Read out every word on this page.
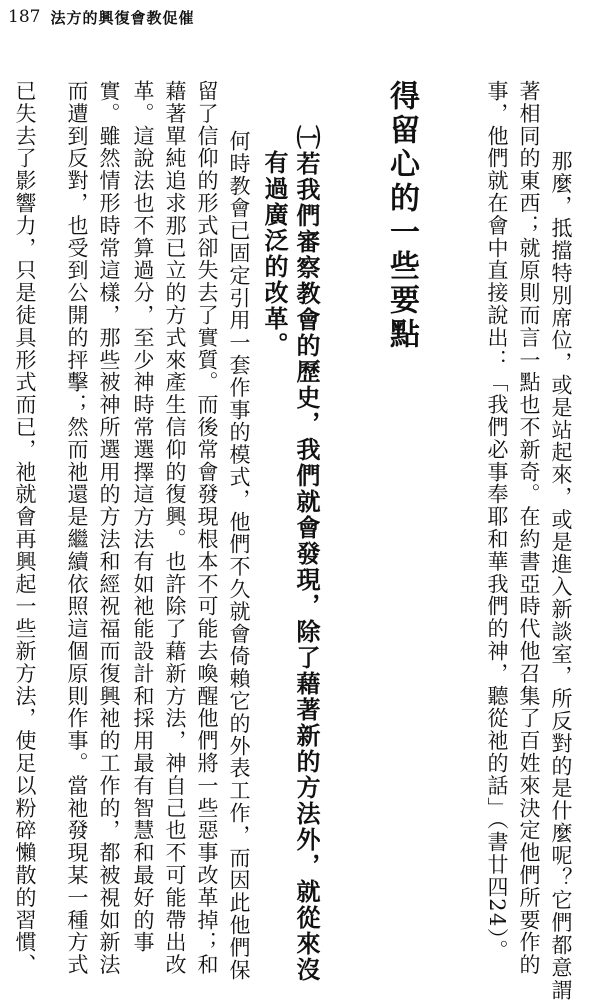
187 法方的興復會教促催
那麼，抵擋特別席位，或是站起來，或是進入新談室，所反對的是什麼呢？它們都意謂
著相同的東西；就原則而言一點也不新奇。在約書亞時代他召集了百姓來決定他們所要作的
事，他們就在會中直接說出：「我們必事奉耶和華我們的神，聽從祂的話」（書廿四24）。
得留心的一些要點
㈠若我們審察教會的歷史，我們就會發現，除了藉著新的方法外，就從來沒
有過廣泛的改革。
何時教會已固定引用一套作事的模式，他們不久就會倚賴它的外表工作，而因此他們保
留了信仰的形式卻失去了實質。而後常會發現根本不可能去喚醒他們將一些惡事改革掉；和
藉著單純追求那已立的方式來產生信仰的復興。也許除了藉新方法，神自己也不可能帶出改
革。這說法也不算過分，至少神時常選擇這方法有如祂能設計和採用最有智慧和最好的事
實。雖然情形時常這樣，那些被神所選用的方法和經祝福而復興祂的工作的，都被視如新法
而遭到反對，也受到公開的抨擊；然而祂還是繼續依照這個原則作事。當祂發現某一種方式
已失去了影響力，只是徒具形式而已，祂就會再興起一些新方法，使足以粉碎懶散的習慣、
